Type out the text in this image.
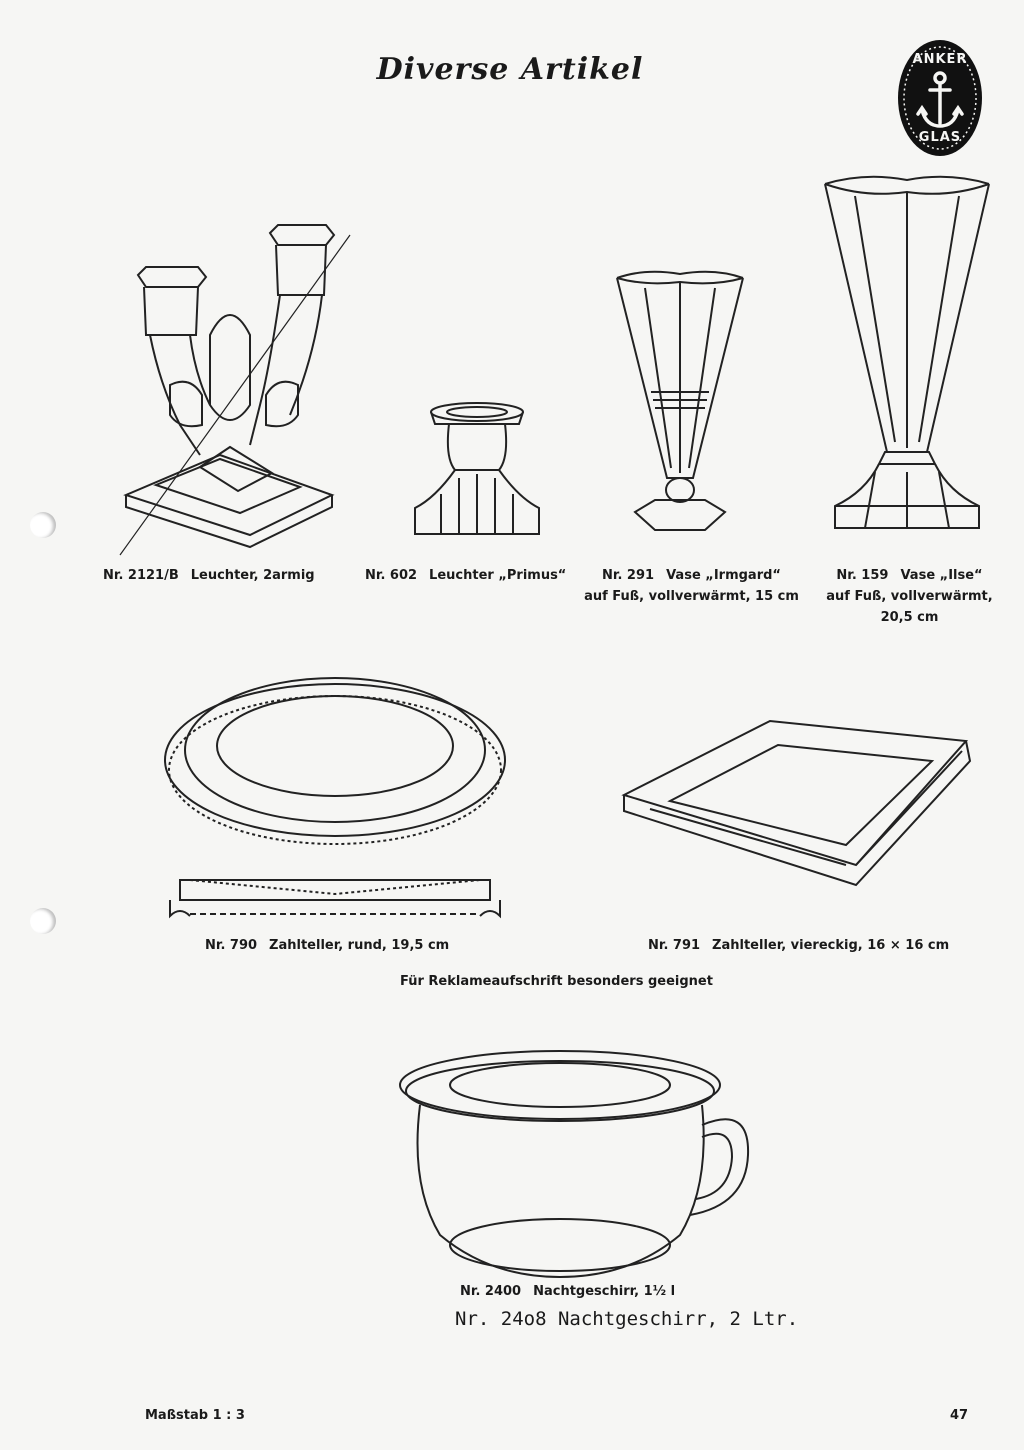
Diverse Artikel	ANKER
GLAS
Nr. 2121/B Leuchter, 2armig	Nr. 602 Leuchter „Primus“	Nr. 291 Vase „Irmgard“
auf Fuß, vollverwärmt, 15 cm
Nr. 159 Vase „Ilse“
auf Fuß, vollverwärmt,
20,5 cm
Nr. 790 Zahlteller, rund, 19,5 cm	Nr. 791 Zahlteller, viereckig, 16 × 16 cm
Für Reklameaufschrift besonders geeignet
Nr. 2400 Nachtgeschirr, 1½ l
Nr. 24o8 Nachtgeschirr, 2 Ltr.
Maßstab 1 : 3	47
